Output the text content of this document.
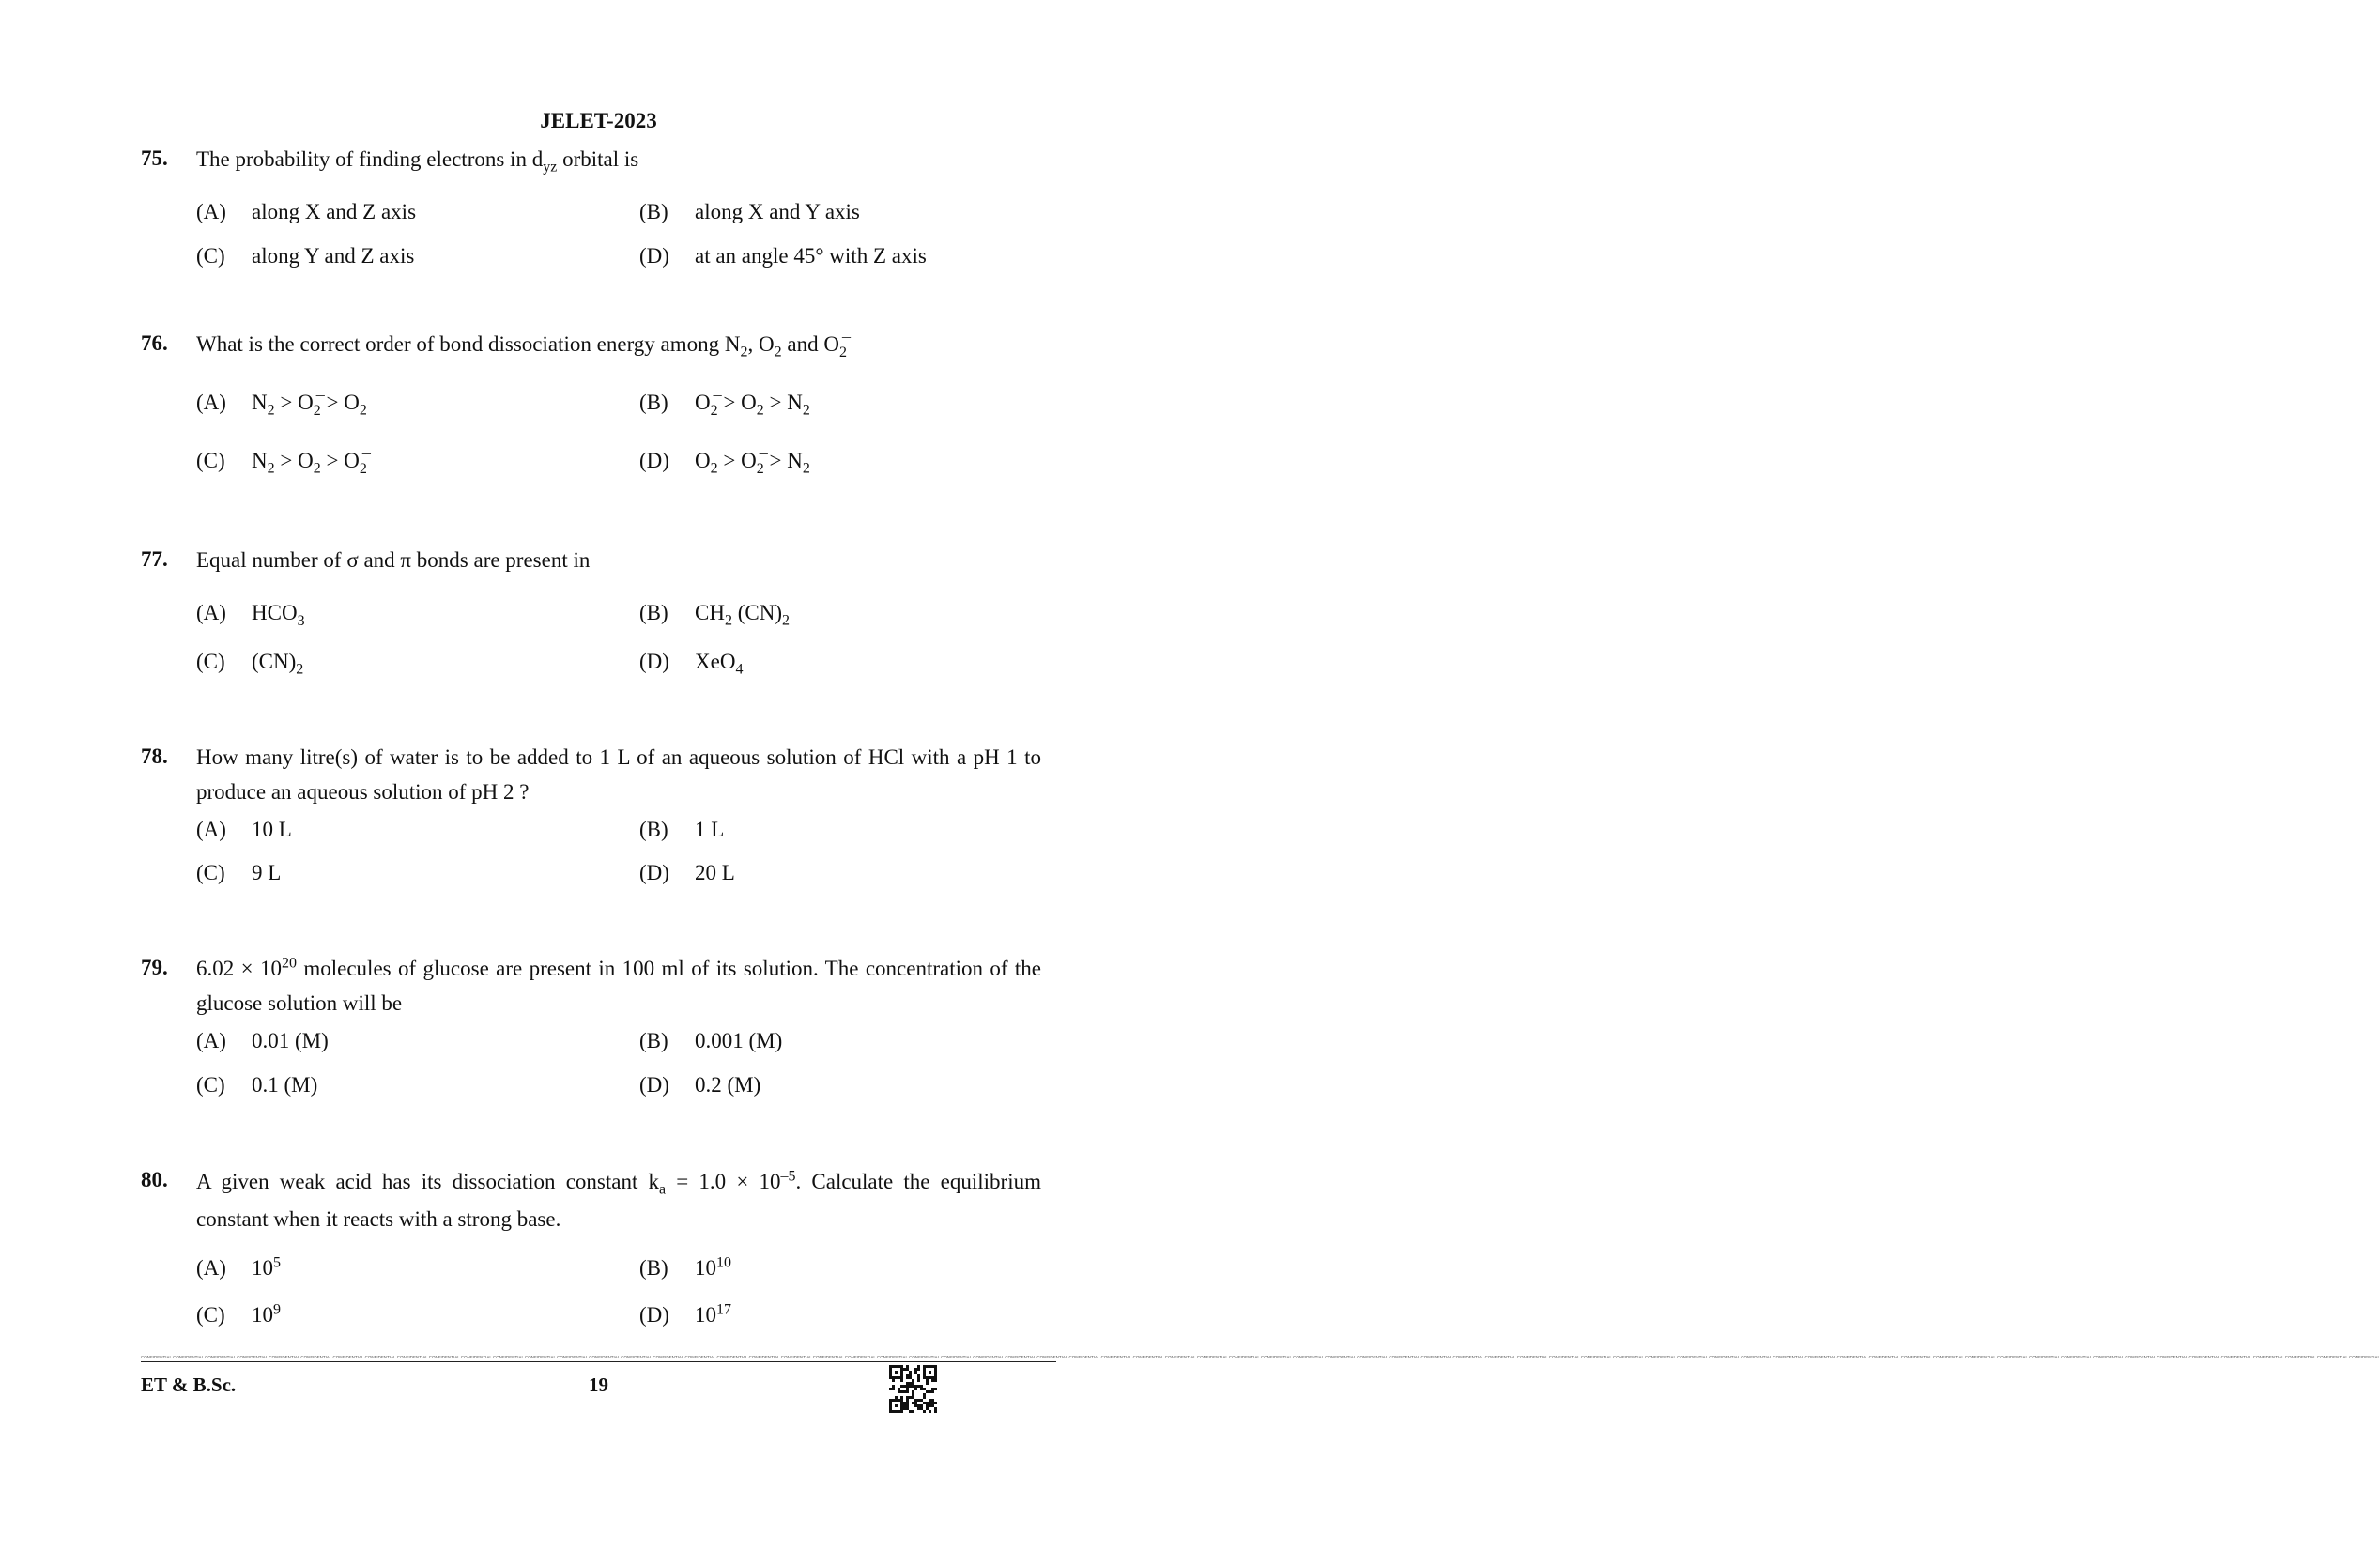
JELET-2023
75. The probability of finding electrons in $d_{yz}$ orbital is
(A) along X and Z axis	(B) along X and Y axis
(C) along Y and Z axis	(D) at an angle 45° with Z axis
76. What is the correct order of bond dissociation energy among $N_2$, $O_2$ and $O_2$
(A) $N_2 > O_2 > O_2$	(B) $O_2 > O_2 > N_2$
(C) $N_2 > O_2 > O_2$	(D) $O_2 > O_2 > N_2$
77. Equal number of σ and π bonds are present in
(A) $HCO_3$	(B) $CH_2$ $(CN)_2$
(C) $(CN)_2$	(D) XeO$_4$
78. How many litre(s) of water is to be added to 1 L of an aqueous solution of HCl with a pH 1 to produce an aqueous solution of pH 2 ?
(A) 10 L	(B) 1 L
(C) 9 L	(D) 20 L
79. $6.02 \times 10^{20}$ molecules of glucose are present in 100 ml of its solution. The concentration of the glucose solution will be
(A) 0.01 (M)	(B) 0.001 (M)
(C) 0.1 (M)	(D) 0.2 (M)
80. A given weak acid has its dissociation constant $k_a = 1.0 \times 10^{-5}$. Calculate the equilibrium constant when it reacts with a strong base.
(A) $10^5$	(B) $10^{10}$
(C) $10^9$	(D) $10^{17}$
CONFIDENTIAL CONFIDENTIAL CONFIDENTIAL CONFIDENTIAL CONFIDENTIAL CONFIDENTIAL CONFIDENTIAL CONFIDENTIAL CONFIDENTIAL CONFIDENTIAL CONFIDENTIAL CONFIDENTIAL CONFIDENTIAL CONFIDENTIAL CONFIDENTIAL CONFIDENTIAL CONFIDENTIAL CONFIDENTIAL CONFIDENTIAL CONFIDENTIAL CONFIDENTIAL CONFIDENTIAL CONFIDENTIAL CONFIDENTIAL CONFIDENTIAL CONFIDENTIAL CONFIDENTIAL CONFIDENTIAL CONFIDENTIAL CONFIDENTIAL CONFIDENTIAL CONFIDENTIAL CONFIDENTIAL CONFIDENTIAL CONFIDENTIAL CONFIDENTIAL CONFIDENTIAL CONFIDENTIAL CONFIDENTIAL CONFIDENTIAL CONFIDENTIAL CONFIDENTIAL CONFIDENTIAL CONFIDENTIAL CONFIDENTIAL CONFIDENTIAL CONFIDENTIAL CONFIDENTIAL CONFIDENTIAL CONFIDENTIAL CONFIDENTIAL CONFIDENTIAL CONFIDENTIAL CONFIDENTIAL CONFIDENTIAL CONFIDENTIAL CONFIDENTIAL CONFIDENTIAL CONFIDENTIAL CONFIDENTIAL CONFIDENTIAL CONFIDENTIAL CONFIDENTIAL CONFIDENTIAL CONFIDENTIAL CONFIDENTIAL CONFIDENTIAL CONFIDENTIAL CONFIDENTIAL CONFIDENTIAL
ET & B.Sc.	19
